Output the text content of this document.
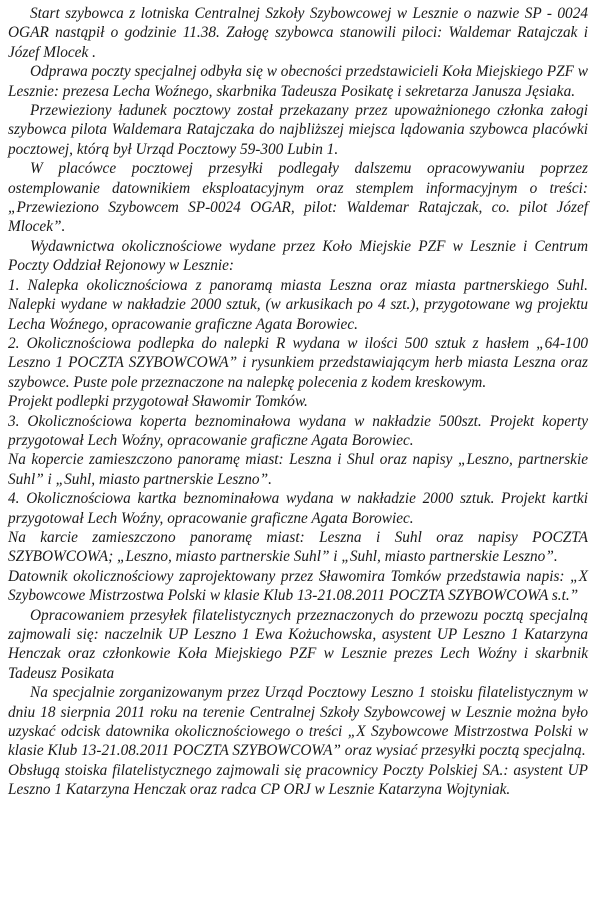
Start szybowca z lotniska Centralnej Szkoły Szybowcowej w Lesznie o nazwie SP - 0024 OGAR nastąpił o godzinie 11.38. Załogę szybowca stanowili piloci: Waldemar Ratajczak i Józef Mlocek .

Odprawa poczty specjalnej odbyła się w obecności przedstawicieli Koła Miejskiego PZF w Lesznie: prezesa Lecha Woźnego, skarbnika Tadeusza Posikatę i sekretarza Janusza Jęsiaka.

Przewieziony ładunek pocztowy został przekazany przez upoważnionego członka załogi szybowca pilota Waldemara Ratajczaka do najbliższej miejsca lądowania szybowca placówki pocztowej, którą był Urząd Pocztowy 59-300 Lubin 1.

W placówce pocztowej przesyłki podlegały dalszemu opracowywaniu poprzez ostemplowanie datownikiem eksploatacyjnym oraz stemplem informacyjnym o treści: „Przewieziono Szybowcem SP-0024 OGAR, pilot: Waldemar Ratajczak, co. pilot Józef Mlocek”.

Wydawnictwa okolicznościowe wydane przez Koło Miejskie PZF w Lesznie i Centrum Poczty Oddział Rejonowy w Lesznie:

1. Nalepka okolicznościowa z panoramą miasta Leszna oraz miasta partnerskiego Suhl. Nalepki wydane w nakładzie 2000 sztuk, (w arkusikach po 4 szt.), przygotowane wg projektu Lecha Woźnego, opracowanie graficzne Agata Borowiec.

2. Okolicznościowa podlepka do nalepki R wydana w ilości 500 sztuk z hasłem „64-100 Leszno 1 POCZTA SZYBOWCOWA” i rysunkiem przedstawiającym herb miasta Leszna oraz szybowce. Puste pole przeznaczone na nalepkę polecenia z kodem kreskowym.

Projekt podlepki przygotował Sławomir Tomków.

3. Okolicznościowa koperta beznominałowa wydana w nakładzie 500szt. Projekt koperty przygotował Lech Woźny, opracowanie graficzne Agata Borowiec.

Na kopercie zamieszczono panoramę miast: Leszna i Shul oraz napisy „Leszno, partnerskie Suhl” i „Suhl, miasto partnerskie Leszno”.

4. Okolicznościowa kartka beznominałowa wydana w nakładzie 2000 sztuk. Projekt kartki przygotował Lech Woźny, opracowanie graficzne Agata Borowiec.

Na karcie zamieszczono panoramę miast: Leszna i Suhl oraz napisy POCZTA SZYBOWCOWA; „Leszno, miasto partnerskie Suhl” i „Suhl, miasto partnerskie Leszno”.

Datownik okolicznościowy zaprojektowany przez Sławomira Tomków przedstawia napis: „X Szybowcowe Mistrzostwa Polski w klasie Klub 13-21.08.2011 POCZTA SZYBOWCOWA s.t.”

Opracowaniem przesyłek filatelistycznych przeznaczonych do przewozu pocztą specjalną zajmowali się: naczelnik UP Leszno 1 Ewa Kożuchowska, asystent UP Leszno 1 Katarzyna Henczak oraz członkowie Koła Miejskiego PZF w Lesznie prezes Lech Woźny i skarbnik Tadeusz Posikata

Na specjalnie zorganizowanym przez Urząd Pocztowy Leszno 1 stoisku filatelistycznym w dniu 18 sierpnia 2011 roku na terenie Centralnej Szkoły Szybowcowej w Lesznie można było uzyskać odcisk datownika okolicznościowego o treści „X Szybowcowe Mistrzostwa Polski w klasie Klub 13-21.08.2011 POCZTA SZYBOWCOWA” oraz wysiać przesyłki pocztą specjalną.

Obsługą stoiska filatelistycznego zajmowali się pracownicy Poczty Polskiej SA.: asystent UP Leszno 1 Katarzyna Henczak oraz radca CP ORJ w Lesznie Katarzyna Wojtyniak.
